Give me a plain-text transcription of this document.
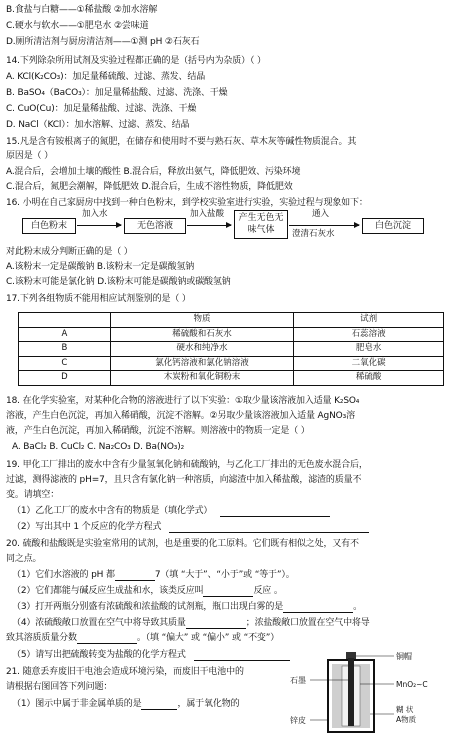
B.食盐与白糖——①稀盐酸 ②加水溶解
C.硬水与软水——①肥皂水 ②尝味道
D.厕所清洁剂与厨房清洁剂——①测 pH ②石灰石
14.下列除杂所用试剂及实验过程都正确的是（括号内为杂质）（ ）
A. KCl(K₂CO₃)：加足量稀硫酸、过滤、蒸发、结晶
B. BaSO₄（BaCO₃）：加足量稀盐酸、过滤、洗涤、干燥
C. CuO(Cu)：加足量稀盐酸、过滤、洗涤、干燥
D. NaCl（KCl）：加水溶解、过滤、蒸发、结晶
15.凡是含有铵根离子的氮肥，在储存和使用时不要与熟石灰、草木灰等碱性物质混合。其
原因是（ ）
A.混合后，会增加土壤的酸性 B.混合后，释放出氨气，降低肥效、污染环境
C.混合后，氮肥会潮解，降低肥效 D.混合后，生成不溶性物质，降低肥效
16. 小明在自己家厨房中找到一种白色粉末，到学校实验室进行实验，实验过程与现象如下：
白色粉末
加入水
无色溶液
加入盐酸	产生无色无味气体
通入
澄清石灰水
白色沉淀
对此粉末成分判断正确的是（ ）
A.该粉末一定是碳酸钠 B.该粉末一定是碳酸氢钠
C.该粉末可能是氯化钠 D.该粉末可能是碳酸钠或碳酸氢钠
17.下列各组物质不能用相应试剂鉴别的是（ ）
	物质	试剂
A	稀硫酸和石灰水	石蕊溶液
B	硬水和纯净水	肥皂水
C	氯化钙溶液和氯化钠溶液	二氧化碳
D	木炭粉和氧化铜粉末	稀硫酸
18. 在化学实验室，对某种化合物的溶液进行了以下实验：①取少量该溶液加入适量 K₂SO₄
溶液，产生白色沉淀，再加入稀硝酸，沉淀不溶解。②另取少量该溶液加入适量 AgNO₃溶
液，产生白色沉淀，再加入稀硝酸，沉淀不溶解。则溶液中的物质一定是（ ）
A. BaCl₂ B. CuCl₂ C. Na₂CO₃ D. Ba(NO₃)₂
19. 甲化工厂排出的废水中含有少量氢氧化钠和硫酸钠，与乙化工厂排出的无色废水混合后，
过滤，测得滤液的 pH=7，且只含有氯化钠一种溶质，向滤渣中加入稀盐酸，滤渣的质量不
变。请填空：
（1）乙化工厂的废水中含有的物质是（填化学式）
（2）写出其中 1 个反应的化学方程式
20. 硫酸和盐酸既是实验室常用的试剂，也是重要的化工原料。它们既有相似之处，又有不
同之点。
（1）它们水溶液的 pH 都	7（填 “大于”、“小于”或 “等于”）。
（2）它们都能与碱反应生成盐和水，该类反应叫	反应 。
（3）打开两瓶分别盛有浓硫酸和浓盐酸的试剂瓶，瓶口出现白雾的是	。
（4）浓硫酸敞口放置在空气中将导致其质量	；浓盐酸敞口放置在空气中将导
致其溶质质量分数	。（填 “偏大” 或 “偏小” 或 “不变”）
（5）请写出把硫酸转变为盐酸的化学方程式
21. 随意丢弃废旧干电池会造成环境污染，而废旧干电池中的
请根据右图回答下列问题：
（1）图示中属于非金属单质的是	，属于氧化物的
铜帽
石墨	MnO₂~C
锌皮
糊 状 A物质
